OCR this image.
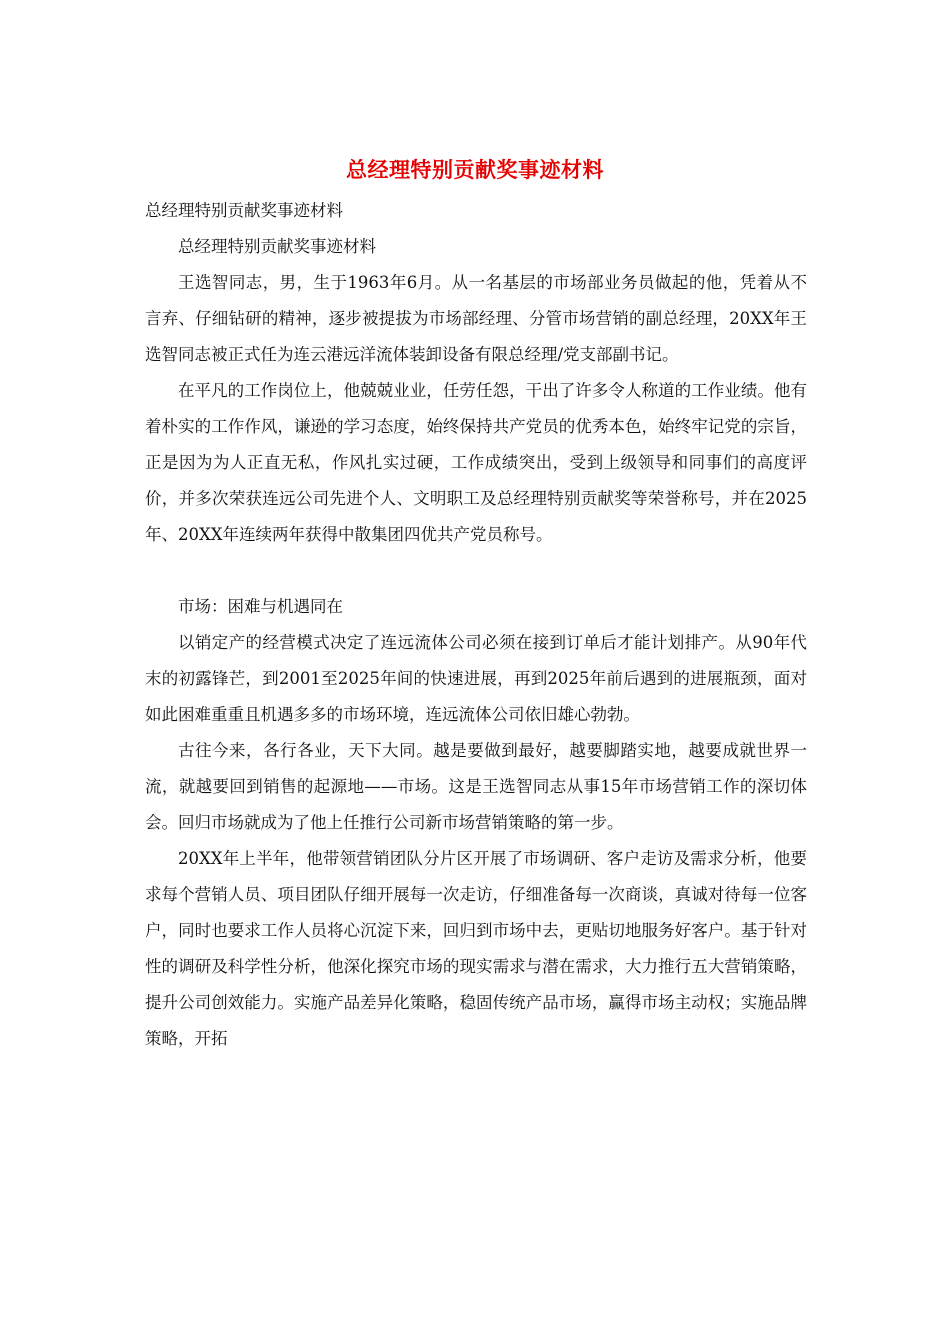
总经理特别贡献奖事迹材料

总经理特别贡献奖事迹材料

总经理特别贡献奖事迹材料

王选智同志，男，生于1963年6月。从一名基层的市场部业务员做起的他，凭着从不言弃、仔细钻研的精神，逐步被提拔为市场部经理、分管市场营销的副总经理，20XX年王选智同志被正式任为连云港远洋流体装卸设备有限总经理/党支部副书记。

在平凡的工作岗位上，他兢兢业业，任劳任怨，干出了许多令人称道的工作业绩。他有着朴实的工作作风，谦逊的学习态度，始终保持共产党员的优秀本色，始终牢记党的宗旨，正是因为为人正直无私，作风扎实过硬，工作成绩突出，受到上级领导和同事们的高度评价，并多次荣获连远公司先进个人、文明职工及总经理特别贡献奖等荣誉称号，并在2025年、20XX年连续两年获得中散集团四优共产党员称号。

市场：困难与机遇同在

以销定产的经营模式决定了连远流体公司必须在接到订单后才能计划排产。从90年代末的初露锋芒，到2001至2025年间的快速进展，再到2025年前后遇到的进展瓶颈，面对如此困难重重且机遇多多的市场环境，连远流体公司依旧雄心勃勃。

古往今来，各行各业，天下大同。越是要做到最好，越要脚踏实地，越要成就世界一流，就越要回到销售的起源地——市场。这是王选智同志从事15年市场营销工作的深切体会。回归市场就成为了他上任推行公司新市场营销策略的第一步。

20XX年上半年，他带领营销团队分片区开展了市场调研、客户走访及需求分析，他要求每个营销人员、项目团队仔细开展每一次走访，仔细准备每一次商谈，真诚对待每一位客户，同时也要求工作人员将心沉淀下来，回归到市场中去，更贴切地服务好客户。基于针对性的调研及科学性分析，他深化探究市场的现实需求与潜在需求，大力推行五大营销策略，提升公司创效能力。实施产品差异化策略，稳固传统产品市场，赢得市场主动权；实施品牌策略，开拓
